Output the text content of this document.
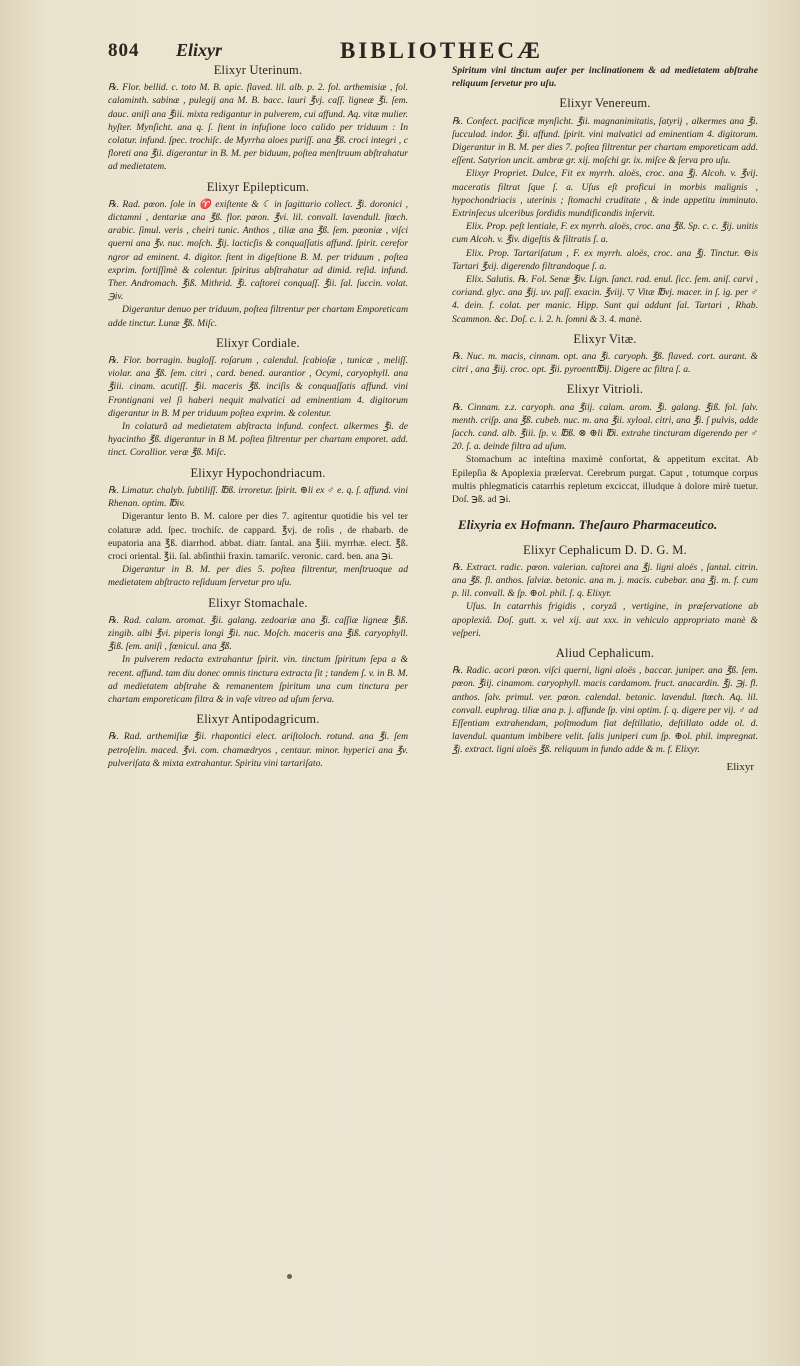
804 Elixyr	BIBLIOTHECÆ
Elixyr Uterinum.
℞. Flor. bellid. c. toto M. B. apic. flaved. lil. alb. p. 2. fol. arthemisiæ , fol. calaminth. sabinæ , pulegij ana M. B. bacc. lauri ℥vj. caſſ. ligneæ ℥i. ſem. dauc. aniſi ana ℥iii. mixta redigantur in pulverem, cui affund. Aq. vitæ mulier. hyſter. Mynſicht. ana q. ſ. ſtent in infuſione loco calido per triduum : In colatur. infund. ſpec. trochiſc. de Myrrha aloes puriſſ. ana ℥ß. croci integri , c floreti ana ℥ii. digerantur in B. M. per biduum, poſtea menſtruum abſtrahatur ad medietatem.
Elixyr Epilepticum.
℞. Rad. pœon. ſole in ♈ exiſtente & ☾ in ſagittario collect. ℥i. doronici , dictamni , dentariæ ana ℥ß. flor. pœon. ℥vi. lil. convall. lavendull. ſtœch. arabic. ſimul. veris , cheiri tunic. Anthos , tiliæ ana ℥ß. ſem. pœoniæ , viſci querni ana ℥v. nuc. moſch. ℥ij. lacticſis & conquaſſatis affund. ſpirit. cerefor ngror ad eminent. 4. digitor. ſtent in digeſtione B. M. per triduum , poſtea exprim. fortiſſimè & colentur. ſpiritus abſtrahatur ad dimid. reſid. infund. Ther. Andromach. ℥iß. Mithrid. ℥i. caſtorei conquaſſ. ℥ii. ſal. ſuccin. volat. ℈iv.
Digerantur denuo per triduum, poſtea filtrentur per chartam Emporeticam adde tinctur. Lunæ ℥ß. Miſc.
Elixyr Cordiale.
℞. Flor. borragin. bugloſſ. roſarum , calendul. ſcabioſæ , tunicæ , meliſſ. violar. ana ℥ß. ſem. citri , card. bened. aurantior , Ocymi, caryophyll. ana ℥iii. cinam. acutiſſ. ℥ii. maceris ℥ß. inciſis & conquaſſatis affund. vini Frontignani vel ſi haberi nequit malvatici ad eminentiam 4. digitorum digerantur in B. M per triduum poſtea exprim. & colentur.
In colaturâ ad medietatem abſtracta infund. confect. alkermes ℥i. de hyacintho ℥ß. digerantur in B M. poſtea filtrentur per chartam emporet. add. tinct. Corallior. veræ ℥ß. Miſc.
Elixyr Hypochondriacum.
℞. Limatur. chalyb. ſubtiliſſ. ℔ß. irroretur. ſpirit. ⊕li ex ♂ e. q. ſ. affund. vini Rhenan. optim. ℔iv.
Digerantur lento B. M. calore per dies 7. agitentur quotidie bis vel ter colaturæ add. ſpec. trochiſc. de cappard. ℥vj. de roſis , de rhabarb. de eupatoria ana ℥ß. diarrhod. abbat. diatr. ſantal. ana ℥iii. myrrhæ. elect. ℥ß. croci oriental. ℥ii. ſal. abſinthii fraxin. tamariſc. veronic. card. ben. ana ℈i.
Digerantur in B. M. per dies 5. poſtea filtrentur, menſtruoque ad medietatem abſtracto reſiduum ſervetur pro uſu.
Elixyr Stomachale.
℞. Rad. calam. aromat. ℥ii. galang. zedoariæ ana ℥i. caſſiæ ligneæ ℥iß. zingib. albi ℥vi. piperis longi ℥ii. nuc. Moſch. maceris ana ℥iß. caryophyll. ℥iß. ſem. aniſi , fœnicul. ana ℥ß.
In pulverem redacta extrahantur ſpirit. vin. tinctum ſpiritum ſepa a & recent. affund. tam diu donec omnis tinctura extracta ſit ; tandem ſ. v. in B. M. ad medietatem abſtrahe & remanentem ſpiritum una cum tinctura per chartam emporeticam filtra & in vaſe vitreo ad uſum ſerva.
Elixyr Antipodagricum.
℞. Rad. arthemiſiæ ℥ii. rhapontici elect. ariſtoloch. rotund. ana ℥i. ſem petroſelin. maced. ℥vi. com. chamædryos , centaur. minor. hyperici ana ℥v. pulveriſata & mixta extrahantur. Spiritu vini tartariſato.
Spiritum vini tinctum aufer per inclinationem & ad medietatem abſtrahe reliquum ſervetur pro uſu.
Elixyr Venereum.
℞. Confect. pacificæ mynſicht. ℥ii. magnanimitatis, ſatyrij , alkermes ana ℥i. ſucculad. indor. ℥ii. affund. ſpirit. vini malvatici ad eminentiam 4. digitorum. Digerantur in B. M. per dies 7. poſtea filtrentur per chartam emporeticam add. eſſent. Satyrion uncit. ambræ gr. xij. moſchi gr. ix. miſce & ſerva pro uſu.
Elixyr Propriet. Dulce, Fit ex myrrh. aloës, croc. ana ℥j. Alcoh. v. ℥vij. maceratis filtrat ſque ſ. a. Uſus eſt proficui in morbis malignis , hypochondriacis , uterinis ; ſtomachi cruditate , & inde appetitu imminuto. Extrinſecus ulceribus ſordidis mundificandis inſervit.
Elix. Prop. peſt lentiale, F. ex myrrh. aloës, croc. ana ℥ß. Sp. c. c. ℥ij. unitis cum Alcoh. v. ℥iv. digeſtis & filtratis ſ. a.
Elix. Prop. Tartariſatum , F. ex myrrh. aloës, croc. ana ℥j. Tinctur. ⊖is Tartari ℥xij. digerendo filtrandoque ſ. a.
Elix. Salutis. ℞. Fol. Senæ ℥iv. Lign. ſanct. rad. enul. ſicc. ſem. aniſ. carvi , coriand. glyc. ana ℥ij. uv. paſſ. exacin. ℥viij. ▽ Vitæ ℔vj. macer. in ſ. ig. per ♂ 4. dein. f. colat. per manic. Hipp. Sunt qui addunt ſal. Tartari , Rhab. Scammon. &c. Doſ. c. i. 2. h. ſomni & 3. 4. manè.
Elixyr Vitæ.
℞. Nuc. m. macis, cinnam. opt. ana ℥i. caryoph. ℥ß. flaved. cort. aurant. & citri , ana ℥iij. croc. opt. ℥ii. pyroentt℔ij. Digere ac filtra ſ. a.
Elixyr Vitrioli.
℞. Cinnam. z.z. caryoph. ana ℥iij. calam. arom. ℥i. galang. ℥iß. fol. ſalv. menth. criſp. ana ℥ß. cubeb. nuc. m. ana ℥ii. xyloal. citri, ana ℥i. ſ pulvis, adde ſacch. cand. alb. ℥iii. ſp. v. ℔ß. ⊗ ⊕li ℔i. extrahe tincturam digerendo per ♂ 20. ſ. a. deinde filtra ad uſum.
Stomachum ac inteſtina maximè confortat, & appetitum excitat. Ab Epilepſia & Apoplexia præſervat. Cerebrum purgat. Caput , totumque corpus multis phlegmaticis catarrhis repletum exciccat, illudque à dolore mirè tuetur. Doſ. ℈ß. ad ℈i.
Elixyria ex Hofmann. Theſauro Pharmaceutico.
Elixyr Cephalicum D. D. G. M.
℞. Extract. radic. pœon. valerian. caſtorei ana ℥j. ligni aloës , ſantal. citrin. ana ℥ß. fl. anthos. ſalviæ. betonic. ana m. j. macis. cubebar. ana ℥j. m. f. cum p. lil. convall. & ſp. ⊕ol. phil. ſ. q. Elixyr.
Uſus. In catarrhis frigidis , coryzâ , vertigine, in præſervatione ab apoplexiâ. Doſ. gutt. x. vel xij. aut xxx. in vehiculo appropriato manè & veſperi.
Aliud Cephalicum.
℞. Radic. acori pœon. viſci querni, ligni aloës , baccar. juniper. ana ℥ß. ſem. pœon. ℥iij. cinamom. caryophyll. macis cardamom. fruct. anacardin. ℥j. ℈j. fl. anthos. ſalv. primul. ver. pœon. calendal. betonic. lavendul. ſtœch. Aq. lil. convall. euphrag. tiliæ ana p. j. affunde ſp. vini optim. ſ. q. digere per vij. ♂ ad Eſſentiam extrahendam, poſtmodum fiat deſtillatio, deſtillato adde ol. d. lavendul. quantum imbibere velit. ſalis juniperi cum ſp. ⊕ol. phil. impregnat. ℥j. extract. ligni aloës ℥ß. reliquum in fundo adde & m. f. Elixyr.
Elixyr
